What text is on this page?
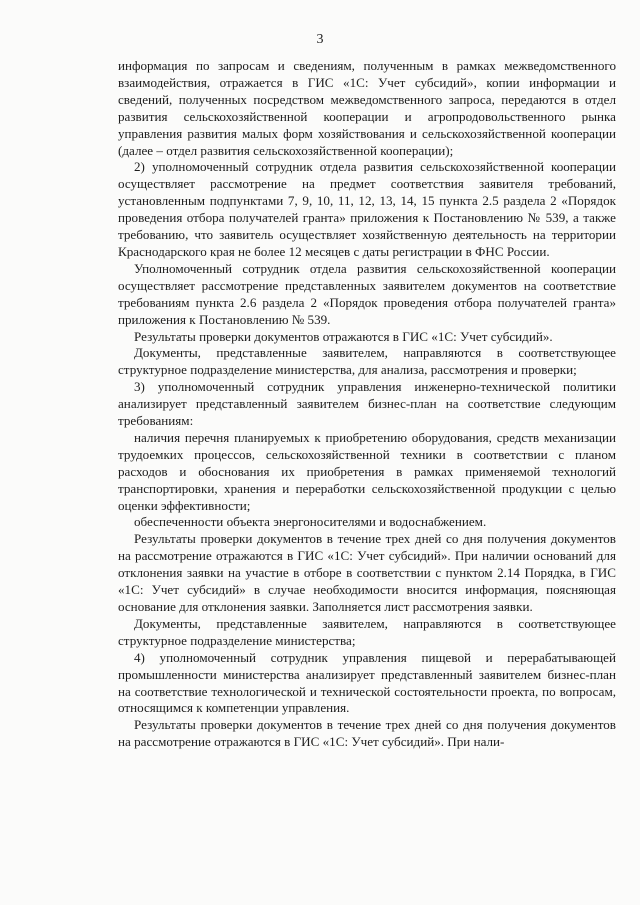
3

информация по запросам и сведениям, полученным в рамках межведомственного взаимодействия, отражается в ГИС «1С: Учет субсидий», копии информации и сведений, полученных посредством межведомственного запроса, передаются в отдел развития сельскохозяйственной кооперации и агропродовольственного рынка управления развития малых форм хозяйствования и сельскохозяйственной кооперации (далее – отдел развития сельскохозяйственной кооперации);

2) уполномоченный сотрудник отдела развития сельскохозяйственной кооперации осуществляет рассмотрение на предмет соответствия заявителя требований, установленным подпунктами 7, 9, 10, 11, 12, 13, 14, 15 пункта 2.5 раздела 2 «Порядок проведения отбора получателей гранта» приложения к Постановлению № 539, а также требованию, что заявитель осуществляет хозяйственную деятельность на территории Краснодарского края не более 12 месяцев с даты регистрации в ФНС России.

Уполномоченный сотрудник отдела развития сельскохозяйственной кооперации осуществляет рассмотрение представленных заявителем документов на соответствие требованиям пункта 2.6 раздела 2 «Порядок проведения отбора получателей гранта» приложения к Постановлению № 539.

Результаты проверки документов отражаются в ГИС «1С: Учет субсидий».

Документы, представленные заявителем, направляются в соответствующее структурное подразделение министерства, для анализа, рассмотрения и проверки;

3) уполномоченный сотрудник управления инженерно-технической политики анализирует представленный заявителем бизнес-план на соответствие следующим требованиям:

наличия перечня планируемых к приобретению оборудования, средств механизации трудоемких процессов, сельскохозяйственной техники в соответствии с планом расходов и обоснования их приобретения в рамках применяемой технологий транспортировки, хранения и переработки сельскохозяйственной продукции с целью оценки эффективности;

обеспеченности объекта энергоносителями и водоснабжением.

Результаты проверки документов в течение трех дней со дня получения документов на рассмотрение отражаются в ГИС «1С: Учет субсидий». При наличии оснований для отклонения заявки на участие в отборе в соответствии с пунктом 2.14 Порядка, в ГИС «1С: Учет субсидий» в случае необходимости вносится информация, поясняющая основание для отклонения заявки. Заполняется лист рассмотрения заявки.

Документы, представленные заявителем, направляются в соответствующее структурное подразделение министерства;

4) уполномоченный сотрудник управления пищевой и перерабатывающей промышленности министерства анализирует представленный заявителем бизнес-план на соответствие технологической и технической состоятельности проекта, по вопросам, относящимся к компетенции управления.

Результаты проверки документов в течение трех дней со дня получения документов на рассмотрение отражаются в ГИС «1С: Учет субсидий». При нали-
